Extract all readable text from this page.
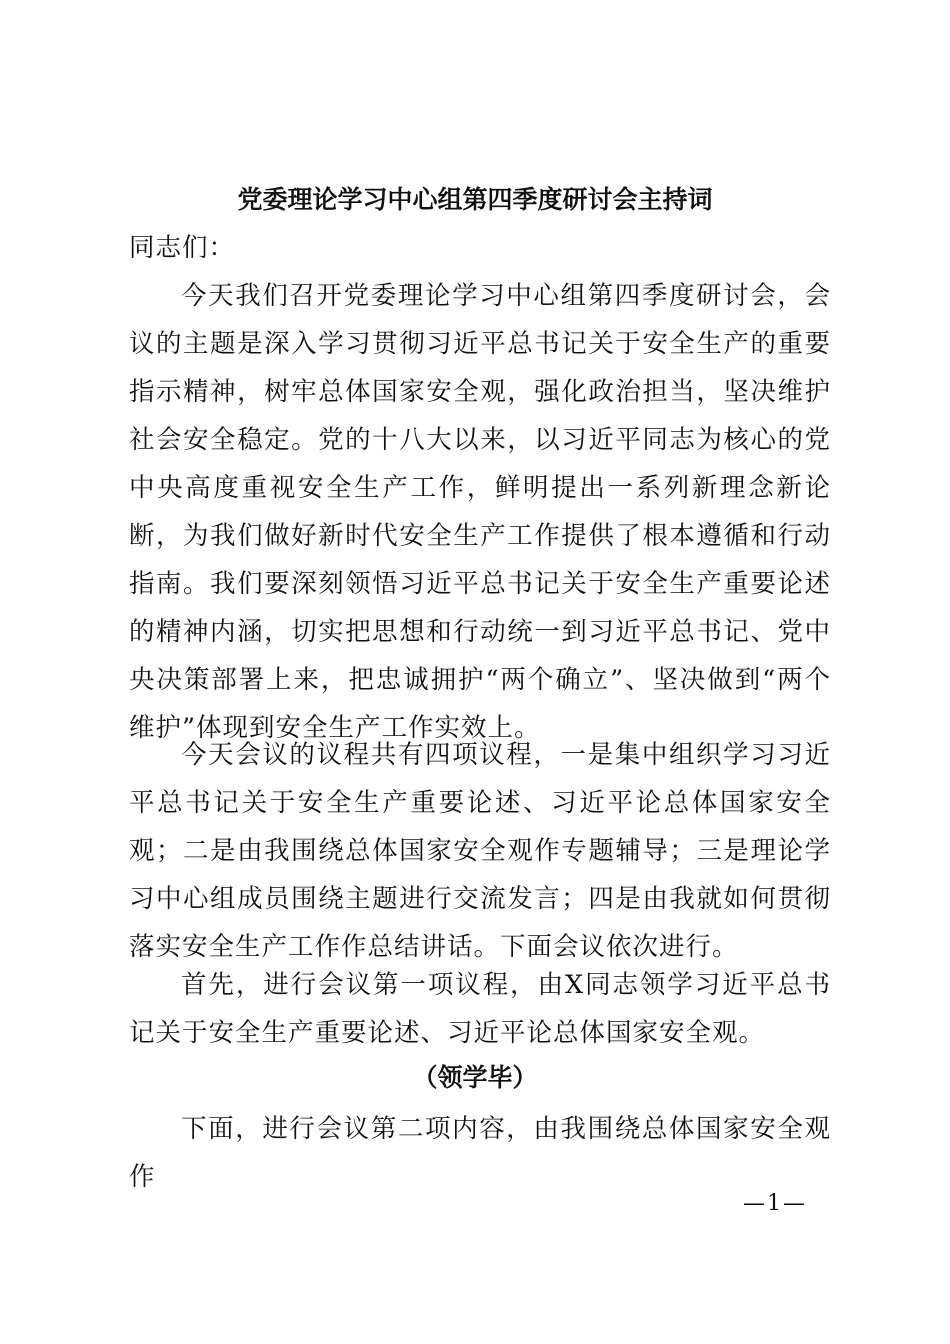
党委理论学习中心组第四季度研讨会主持词
同志们：
今天我们召开党委理论学习中心组第四季度研讨会，会议的主题是深入学习贯彻习近平总书记关于安全生产的重要指示精神，树牢总体国家安全观，强化政治担当，坚决维护社会安全稳定。党的十八大以来，以习近平同志为核心的党中央高度重视安全生产工作，鲜明提出一系列新理念新论断，为我们做好新时代安全生产工作提供了根本遵循和行动指南。我们要深刻领悟习近平总书记关于安全生产重要论述的精神内涵，切实把思想和行动统一到习近平总书记、党中央决策部署上来，把忠诚拥护“两个确立”、坚决做到“两个维护”体现到安全生产工作实效上。
今天会议的议程共有四项议程，一是集中组织学习习近平总书记关于安全生产重要论述、习近平论总体国家安全观；二是由我围绕总体国家安全观作专题辅导；三是理论学习中心组成员围绕主题进行交流发言；四是由我就如何贯彻落实安全生产工作作总结讲话。下面会议依次进行。
首先，进行会议第一项议程，由X同志领学习近平总书记关于安全生产重要论述、习近平论总体国家安全观。
（领学毕）
下面，进行会议第二项内容，由我围绕总体国家安全观作
—1—
